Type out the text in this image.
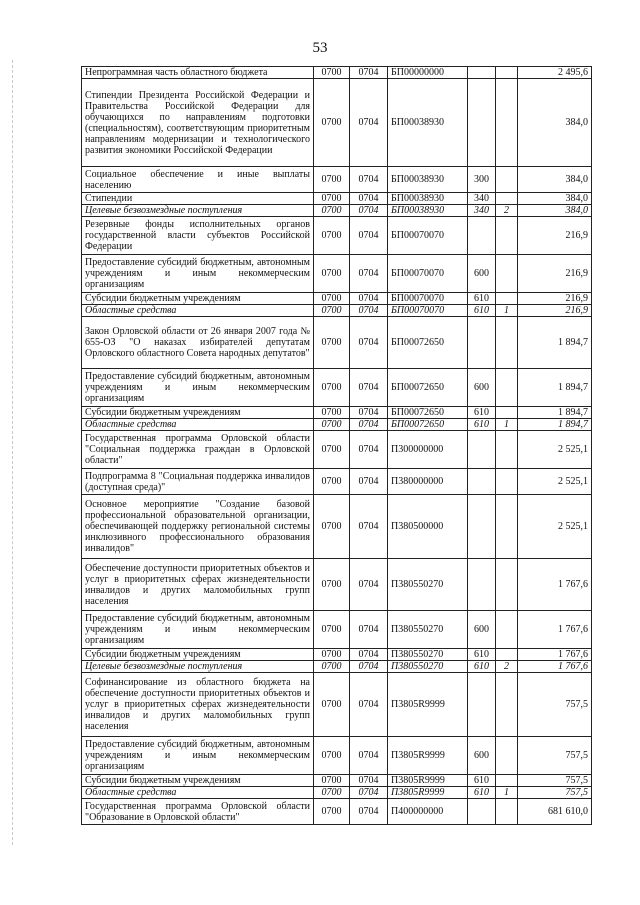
53
Непрограммная часть областного бюджета	0700	0704	БП00000000			2 495,6
Стипендии Президента Российской Федерации и Правительства Российской Федерации для обучающихся по направлениям подготовки (специальностям), соответствующим приоритетным направлениям модернизации и технологического развития экономики Российской Федерации	0700	0704	БП00038930			384,0
Социальное обеспечение и иные выплаты населению	0700	0704	БП00038930	300		384,0
Стипендии	0700	0704	БП00038930	340		384,0
Целевые безвозмездные поступления	0700	0704	БП00038930	340	2	384,0
Резервные фонды исполнительных органов государственной власти субъектов Российской Федерации	0700	0704	БП00070070			216,9
Предоставление субсидий бюджетным, автономным учреждениям и иным некоммерческим организациям	0700	0704	БП00070070	600		216,9
Субсидии бюджетным учреждениям	0700	0704	БП00070070	610		216,9
Областные средства	0700	0704	БП00070070	610	1	216,9
Закон Орловской области от 26 января 2007 года № 655-ОЗ "О наказах избирателей депутатам Орловского областного Совета народных депутатов"	0700	0704	БП00072650			1 894,7
Предоставление субсидий бюджетным, автономным учреждениям и иным некоммерческим организациям	0700	0704	БП00072650	600		1 894,7
Субсидии бюджетным учреждениям	0700	0704	БП00072650	610		1 894,7
Областные средства	0700	0704	БП00072650	610	1	1 894,7
Государственная программа Орловской области "Социальная поддержка граждан в Орловской области"	0700	0704	П300000000			2 525,1
Подпрограмма 8 "Социальная поддержка инвалидов (доступная среда)"	0700	0704	П380000000			2 525,1
Основное мероприятие "Создание базовой профессиональной образовательной организации, обеспечивающей поддержку региональной системы инклюзивного профессионального образования инвалидов"	0700	0704	П380500000			2 525,1
Обеспечение доступности приоритетных объектов и услуг в приоритетных сферах жизнедеятельности инвалидов и других маломобильных групп населения	0700	0704	П380550270			1 767,6
Предоставление субсидий бюджетным, автономным учреждениям и иным некоммерческим организациям	0700	0704	П380550270	600		1 767,6
Субсидии бюджетным учреждениям	0700	0704	П380550270	610		1 767,6
Целевые безвозмездные поступления	0700	0704	П380550270	610	2	1 767,6
Софинансирование из областного бюджета на обеспечение доступности приоритетных объектов и услуг в приоритетных сферах жизнедеятельности инвалидов и других маломобильных групп населения	0700	0704	П3805R9999			757,5
Предоставление субсидий бюджетным, автономным учреждениям и иным некоммерческим организациям	0700	0704	П3805R9999	600		757,5
Субсидии бюджетным учреждениям	0700	0704	П3805R9999	610		757,5
Областные средства	0700	0704	П3805R9999	610	1	757,5
Государственная программа Орловской области "Образование в Орловской области"	0700	0704	П400000000			681 610,0
